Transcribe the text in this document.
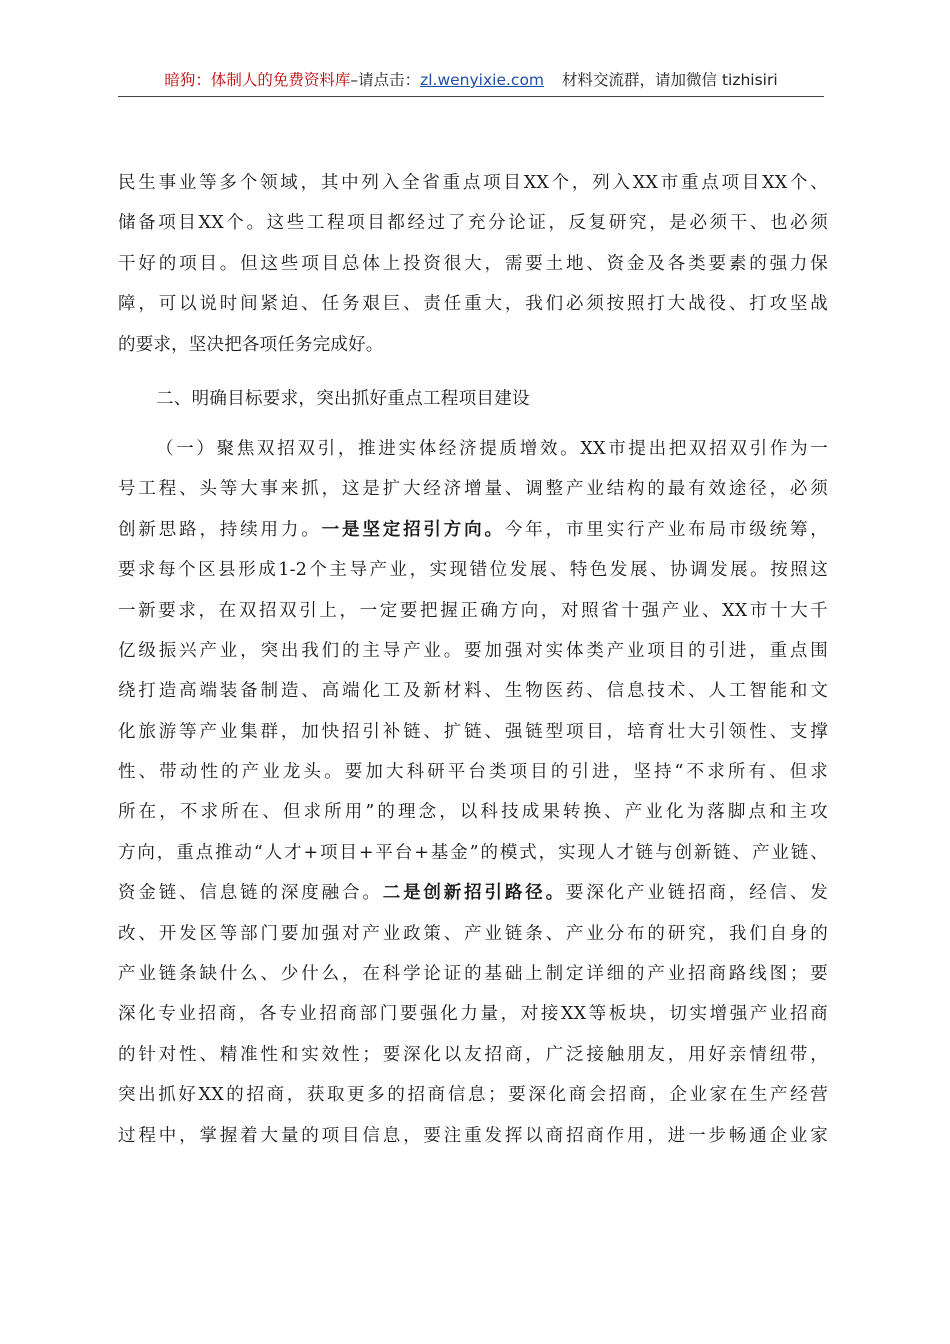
暗狗：体制人的免费资料库–请点击：zl.wenyixie.com 材料交流群，请加微信 tizhisiri
民生事业等多个领域，其中列入全省重点项目XX个，列入XX市重点项目XX个、
储备项目XX个。这些工程项目都经过了充分论证，反复研究，是必须干、也必须
干好的项目。但这些项目总体上投资很大，需要土地、资金及各类要素的强力保
障，可以说时间紧迫、任务艰巨、责任重大，我们必须按照打大战役、打攻坚战
的要求，坚决把各项任务完成好。
二、明确目标要求，突出抓好重点工程项目建设
（一）聚焦双招双引，推进实体经济提质增效。XX市提出把双招双引作为一
号工程、头等大事来抓，这是扩大经济增量、调整产业结构的最有效途径，必须
创新思路，持续用力。一是坚定招引方向。今年，市里实行产业布局市级统筹，
要求每个区县形成1-2个主导产业，实现错位发展、特色发展、协调发展。按照这
一新要求，在双招双引上，一定要把握正确方向，对照省十强产业、XX市十大千
亿级振兴产业，突出我们的主导产业。要加强对实体类产业项目的引进，重点围
绕打造高端装备制造、高端化工及新材料、生物医药、信息技术、人工智能和文
化旅游等产业集群，加快招引补链、扩链、强链型项目，培育壮大引领性、支撑
性、带动性的产业龙头。要加大科研平台类项目的引进，坚持“不求所有、但求
所在，不求所在、但求所用”的理念，以科技成果转换、产业化为落脚点和主攻
方向，重点推动“人才+项目+平台+基金”的模式，实现人才链与创新链、产业链、
资金链、信息链的深度融合。二是创新招引路径。要深化产业链招商，经信、发
改、开发区等部门要加强对产业政策、产业链条、产业分布的研究，我们自身的
产业链条缺什么、少什么，在科学论证的基础上制定详细的产业招商路线图；要
深化专业招商，各专业招商部门要强化力量，对接XX等板块，切实增强产业招商
的针对性、精准性和实效性；要深化以友招商，广泛接触朋友，用好亲情纽带，
突出抓好XX的招商，获取更多的招商信息；要深化商会招商，企业家在生产经营
过程中，掌握着大量的项目信息，要注重发挥以商招商作用，进一步畅通企业家
